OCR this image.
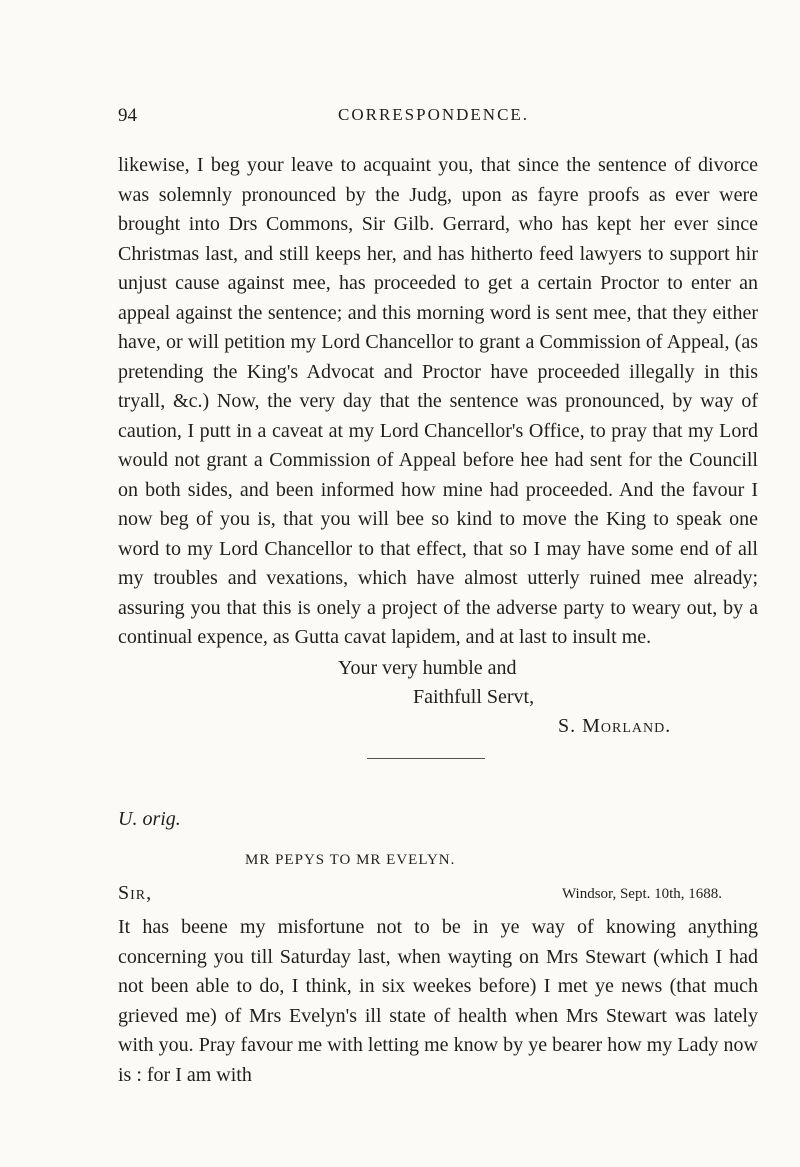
94	CORRESPONDENCE.

likewise, I beg your leave to acquaint you, that since the sentence of divorce was solemnly pronounced by the Judg, upon as fayre proofs as ever were brought into Drs Commons, Sir Gilb. Gerrard, who has kept her ever since Christmas last, and still keeps her, and has hitherto feed lawyers to support hir unjust cause against mee, has proceeded to get a certain Proctor to enter an appeal against the sentence; and this morning word is sent mee, that they either have, or will petition my Lord Chancellor to grant a Commission of Appeal, (as pretending the King's Advocat and Proctor have proceeded illegally in this tryall, &c.) Now, the very day that the sentence was pronounced, by way of caution, I putt in a caveat at my Lord Chancellor's Office, to pray that my Lord would not grant a Commission of Appeal before hee had sent for the Councill on both sides, and been informed how mine had proceeded. And the favour I now beg of you is, that you will bee so kind to move the King to speak one word to my Lord Chancellor to that effect, that so I may have some end of all my troubles and vexations, which have almost utterly ruined mee already; assuring you that this is onely a project of the adverse party to weary out, by a continual expence, as Gutta cavat lapidem, and at last to insult me.

Your very humble and
Faithfull Servt,
S. Morland.
U. orig.
MR PEPYS TO MR EVELYN.
Sir,	Windsor, Sept. 10th, 1688.

It has beene my misfortune not to be in ye way of knowing anything concerning you till Saturday last, when wayting on Mrs Stewart (which I had not been able to do, I think, in six weekes before) I met ye news (that much grieved me) of Mrs Evelyn's ill state of health when Mrs Stewart was lately with you. Pray favour me with letting me know by ye bearer how my Lady now is : for I am with
